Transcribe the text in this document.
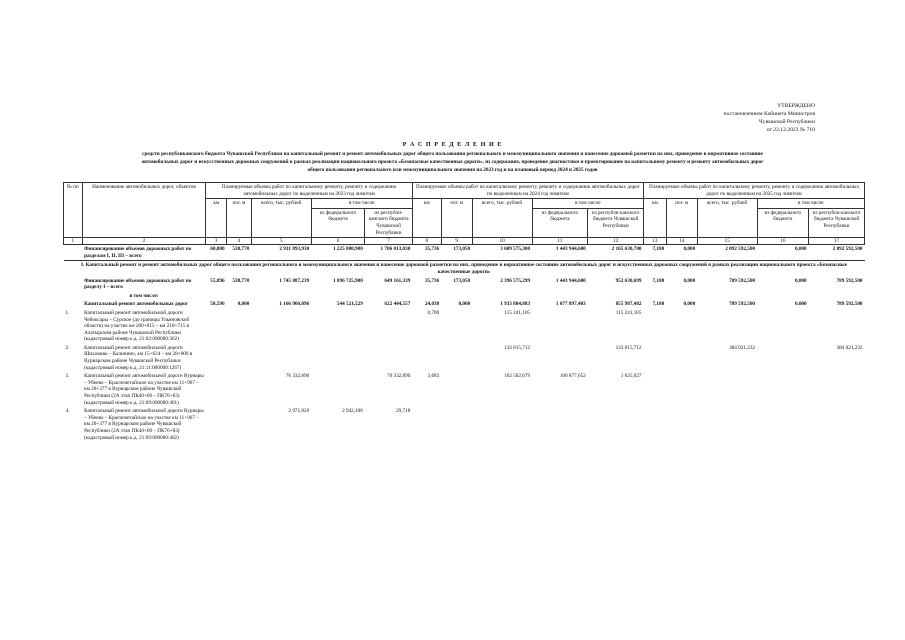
УТВЕРЖДЕНО
постановлением Кабинета Министров
Чувашской Республики
от 22.12.2023 № 710
Р А С П Р Е Д Е Л Е Н И Е
средств республиканского бюджета Чувашской Республики на капитальный ремонт и ремонт автомобильных дорог общего пользования регионального и межмуниципального значения и нанесение дорожной разметки на них, приведение в нормативное состояние
автомобильных дорог и искусственных дорожных сооружений в рамках реализации национального проекта «Безопасные качественные дороги», из содержание, проведение диагностики и проектирование по капитальному ремонту и ремонту автомобильных дорог
общего пользования регионального или межмуниципального значения на 2023 год и на плановый период 2024 и 2025 годов
№ пп	Наименование автомобильных дорог, объектов	Планируемые объемы работ по капитальному ремонту, ремонту и содержанию автомобильных дорог по выделенным на 2023 год лимитам					Планируемые объемы работ по капитальному ремонту, ремонту и содержанию автомобильных дорог по выделенным на 2024 год лимитам					Планируемые объемы работ по капитальному ремонту, ремонту и содержанию автомобильных дорог по выделенным на 2025 год лимитам				
		км	пог. м	всего, тыс. рублей	в том числе		км	пог. м	всего, тыс. рублей	в том числе		км	пог. м	всего, тыс. рублей	в том числе	
					из федерального бюджета	из республи-канского бюджета Чувашской Республики				из федерального бюджета	из республи-канского бюджета Чувашской Республики				из федерального бюджета	из республи-канского бюджета Чувашской Республики
1	2	3	4	5	6	7	8	9	10	11	12	13	14	15	16	17
	Финансирование объемов дорожных работ по разделам I, II, III – всего	60,080	538,770	2 931 893,930	1 225 880,900	1 706 013,030	35,736	173,050	3 609 575,300	1 443 944,600	2 165 630,700	7,180	0,000	2 092 592,500	0,000	2 092 592,500
I. Капитальный ремонт и ремонт автомобильных дорог общего пользования регионального и межмуниципального значения и нанесение дорожной разметки на них, приведение в нормативное состояние автомобильных дорог и искусственных дорожных сооружений в рамках реализации национального проекта «Безопасные качественные дороги»																
	Финансирование объемов дорожных работ по разделу I – всего	55,896	538,770	1 745 887,239	1 096 725,900	649 161,339	35,736	173,050	2 396 575,299	1 443 944,600	952 630,699	7,180	0,000	789 592,500	0,000	789 592,500
	в том числе:															
	Капитальный ремонт автомобильных дорог	50,596	0,000	1 166 966,096	544 521,529	622 444,557	24,038	0,000	1 933 884,883	1 077 897,403	855 987,482	7,180	0,000	789 592,500	0,000	789 592,500
1.	Капитальный ремонт автомобильной дороги Чебоксары – Сурское (до границы Ульяновской области) на участке км 200+015 – км 210+715 в Алатырском районе Чувашской Республики (кадастровый номер к.д. 21:02:000000:362)						0,700		115 241,105		115 241,105					
2.	Капитальный ремонт автомобильной дороги Шихазаны – Калинино, км 15+624 – км 28+000 в Вурнарском районе Чувашской Республики (кадастровый номер к.д. 21:11:000000:1267)								133 815,712		133 815,712			384 021,232		384 021,232
3.	Капитальный ремонт автомобильной дороги Вурнары – Убеево – Красночетайское на участке км 11+967 – км 20+377 в Вурнарском районе Чувашской Республики (2А этап ПК40+00 – ПК76+83) (кадастровый номер к.д. 21:09:000000:401)			76 332,890		76 332,890	3,683		162 502,679	160 877,652	1 625,027					
4.	Капитальный ремонт автомобильной дороги Вурнары – Убеево – Красночетайское на участке км 11+967 – км 20+377 в Вурнарском районе Чувашской Республики (2А этап ПК40+00 – ПК76+83) (кадастровый номер к.д. 21:09:000000:402)			2 971,826	2 942,108	29,718										
